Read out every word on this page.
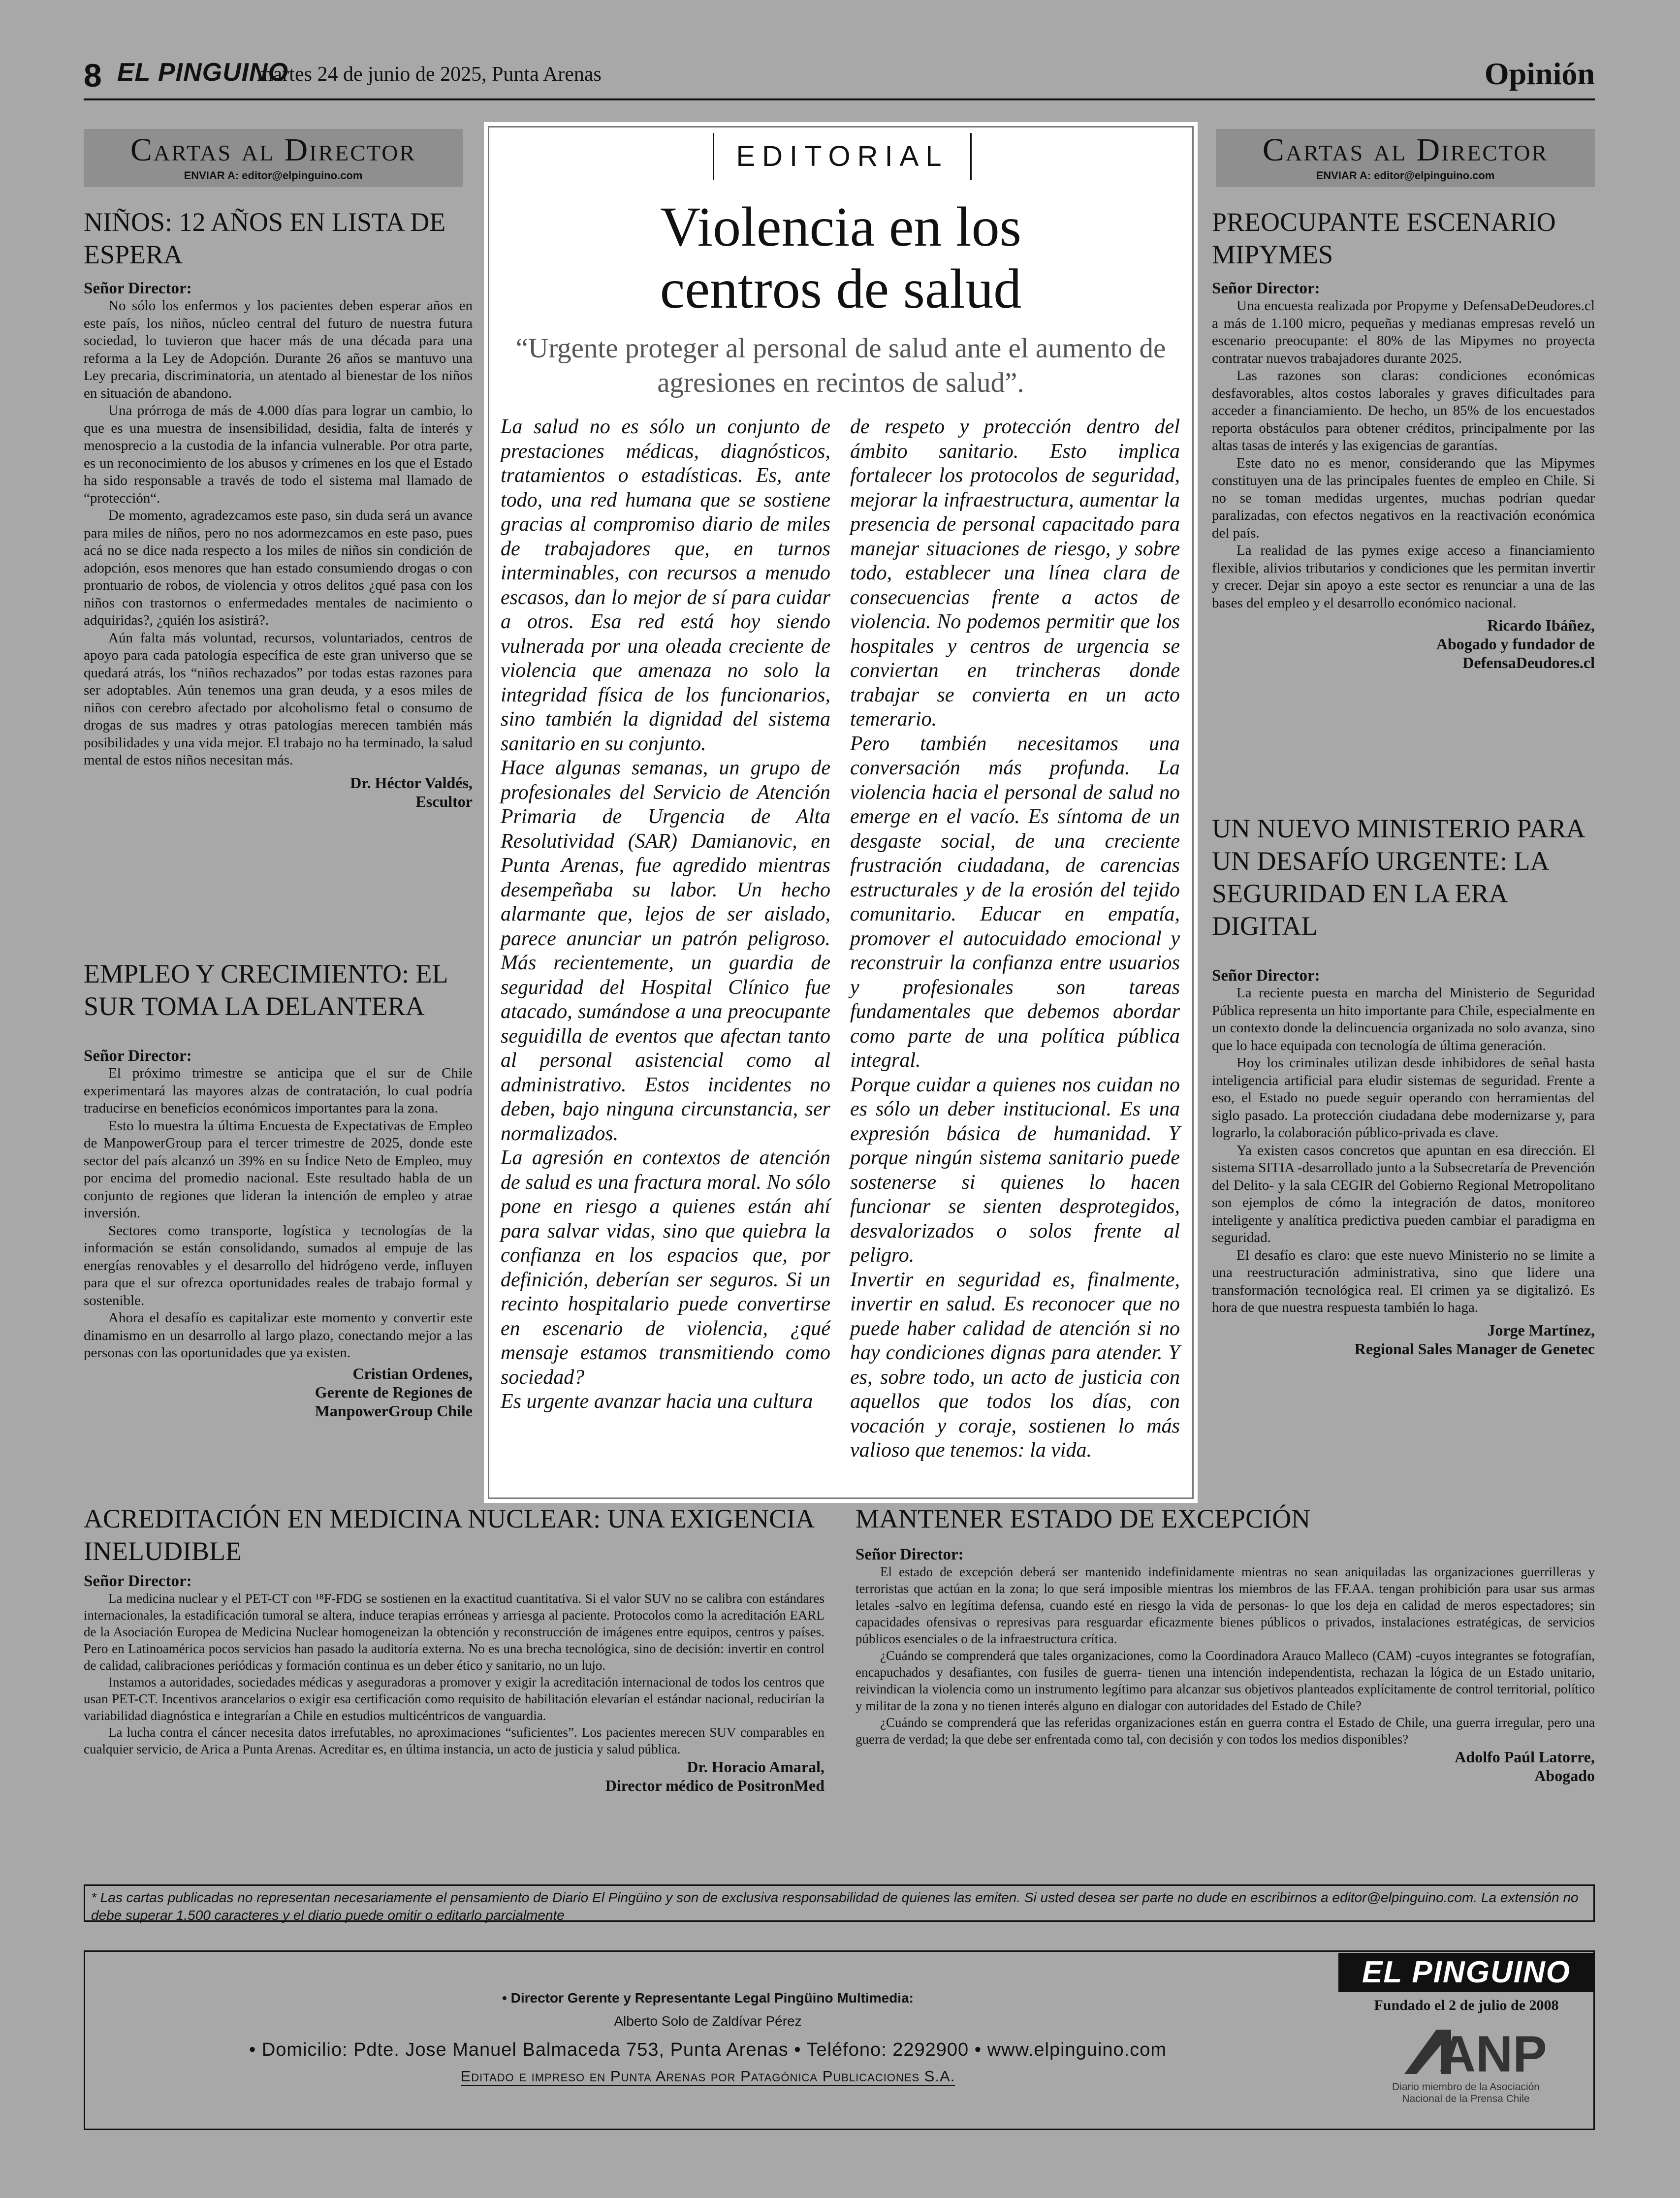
8 EL PINGUINO
martes 24 de junio de 2025, Punta Arenas	Opinión
Cartas al Director
ENVIAR A: editor@elpinguino.com
NIÑOS: 12 AÑOS EN LISTA DE ESPERA
Señor Director:

No sólo los enfermos y los pacientes deben esperar años en este país, los niños, núcleo central del futuro de nuestra futura sociedad, lo tuvieron que hacer más de una década para una reforma a la Ley de Adopción. Durante 26 años se mantuvo una Ley precaria, discriminatoria, un atentado al bienestar de los niños en situación de abandono.

Una prórroga de más de 4.000 días para lograr un cambio, lo que es una muestra de insensibilidad, desidia, falta de interés y menosprecio a la custodia de la infancia vulnerable. Por otra parte, es un reconocimiento de los abusos y crímenes en los que el Estado ha sido responsable a través de todo el sistema mal llamado de “protección“.

De momento, agradezcamos este paso, sin duda será un avance para miles de niños, pero no nos adormezcamos en este paso, pues acá no se dice nada respecto a los miles de niños sin condición de adopción, esos menores que han estado consumiendo drogas o con prontuario de robos, de violencia y otros delitos ¿qué pasa con los niños con trastornos o enfermedades mentales de nacimiento o adquiridas?, ¿quién los asistirá?.

Aún falta más voluntad, recursos, voluntariados, centros de apoyo para cada patología específica de este gran universo que se quedará atrás, los “niños rechazados” por todas estas razones para ser adoptables. Aún tenemos una gran deuda, y a esos miles de niños con cerebro afectado por alcoholismo fetal o consumo de drogas de sus madres y otras patologías merecen también más posibilidades y una vida mejor. El trabajo no ha terminado, la salud mental de estos niños necesitan más.

Dr. Héctor Valdés,
Escultor
EMPLEO Y CRECIMIENTO: EL SUR TOMA LA DELANTERA
Señor Director:

El próximo trimestre se anticipa que el sur de Chile experimentará las mayores alzas de contratación, lo cual podría traducirse en beneficios económicos importantes para la zona.

Esto lo muestra la última Encuesta de Expectativas de Empleo de ManpowerGroup para el tercer trimestre de 2025, donde este sector del país alcanzó un 39% en su Índice Neto de Empleo, muy por encima del promedio nacional. Este resultado habla de un conjunto de regiones que lideran la intención de empleo y atrae inversión.

Sectores como transporte, logística y tecnologías de la información se están consolidando, sumados al empuje de las energías renovables y el desarrollo del hidrógeno verde, influyen para que el sur ofrezca oportunidades reales de trabajo formal y sostenible.

Ahora el desafío es capitalizar este momento y convertir este dinamismo en un desarrollo al largo plazo, conectando mejor a las personas con las oportunidades que ya existen.

Cristian Ordenes,
Gerente de Regiones de
ManpowerGroup Chile
EDITORIAL
Violencia en los
centros de salud
“Urgente proteger al personal de salud ante el aumento de agresiones en recintos de salud”.

La salud no es sólo un conjunto de prestaciones médicas, diagnósticos, tratamientos o estadísticas. Es, ante todo, una red humana que se sostiene gracias al compromiso diario de miles de trabajadores que, en turnos interminables, con recursos a menudo escasos, dan lo mejor de sí para cuidar a otros. Esa red está hoy siendo vulnerada por una oleada creciente de violencia que amenaza no solo la integridad física de los funcionarios, sino también la dignidad del sistema sanitario en su conjunto.

Hace algunas semanas, un grupo de profesionales del Servicio de Atención Primaria de Urgencia de Alta Resolutividad (SAR) Damianovic, en Punta Arenas, fue agredido mientras desempeñaba su labor. Un hecho alarmante que, lejos de ser aislado, parece anunciar un patrón peligroso. Más recientemente, un guardia de seguridad del Hospital Clínico fue atacado, sumándose a una preocupante seguidilla de eventos que afectan tanto al personal asistencial como al administrativo. Estos incidentes no deben, bajo ninguna circunstancia, ser normalizados.

La agresión en contextos de atención de salud es una fractura moral. No sólo pone en riesgo a quienes están ahí para salvar vidas, sino que quiebra la confianza en los espacios que, por definición, deberían ser seguros. Si un recinto hospitalario puede convertirse en escenario de violencia, ¿qué mensaje estamos transmitiendo como sociedad?

Es urgente avanzar hacia una cultura

de respeto y protección dentro del ámbito sanitario. Esto implica fortalecer los protocolos de seguridad, mejorar la infraestructura, aumentar la presencia de personal capacitado para manejar situaciones de riesgo, y sobre todo, establecer una línea clara de consecuencias frente a actos de violencia. No podemos permitir que los hospitales y centros de urgencia se conviertan en trincheras donde trabajar se convierta en un acto temerario.

Pero también necesitamos una conversación más profunda. La violencia hacia el personal de salud no emerge en el vacío. Es síntoma de un desgaste social, de una creciente frustración ciudadana, de carencias estructurales y de la erosión del tejido comunitario. Educar en empatía, promover el autocuidado emocional y reconstruir la confianza entre usuarios y profesionales son tareas fundamentales que debemos abordar como parte de una política pública integral.

Porque cuidar a quienes nos cuidan no es sólo un deber institucional. Es una expresión básica de humanidad. Y porque ningún sistema sanitario puede sostenerse si quienes lo hacen funcionar se sienten desprotegidos, desvalorizados o solos frente al peligro.

Invertir en seguridad es, finalmente, invertir en salud. Es reconocer que no puede haber calidad de atención si no hay condiciones dignas para atender. Y es, sobre todo, un acto de justicia con aquellos que todos los días, con vocación y coraje, sostienen lo más valioso que tenemos: la vida.

Cartas al Director
ENVIAR A: editor@elpinguino.com
PREOCUPANTE ESCENARIO MIPYMES
Señor Director:

Una encuesta realizada por Propyme y DefensaDeDeudores.cl a más de 1.100 micro, pequeñas y medianas empresas reveló un escenario preocupante: el 80% de las Mipymes no proyecta contratar nuevos trabajadores durante 2025.

Las razones son claras: condiciones económicas desfavorables, altos costos laborales y graves dificultades para acceder a financiamiento. De hecho, un 85% de los encuestados reporta obstáculos para obtener créditos, principalmente por las altas tasas de interés y las exigencias de garantías.

Este dato no es menor, considerando que las Mipymes constituyen una de las principales fuentes de empleo en Chile. Si no se toman medidas urgentes, muchas podrían quedar paralizadas, con efectos negativos en la reactivación económica del país.

La realidad de las pymes exige acceso a financiamiento flexible, alivios tributarios y condiciones que les permitan invertir y crecer. Dejar sin apoyo a este sector es renunciar a una de las bases del empleo y el desarrollo económico nacional.

Ricardo Ibáñez,
Abogado y fundador de
DefensaDeudores.cl
UN NUEVO MINISTERIO PARA UN DESAFÍO URGENTE: LA SEGURIDAD EN LA ERA DIGITAL
Señor Director:

La reciente puesta en marcha del Ministerio de Seguridad Pública representa un hito importante para Chile, especialmente en un contexto donde la delincuencia organizada no solo avanza, sino que lo hace equipada con tecnología de última generación.

Hoy los criminales utilizan desde inhibidores de señal hasta inteligencia artificial para eludir sistemas de seguridad. Frente a eso, el Estado no puede seguir operando con herramientas del siglo pasado. La protección ciudadana debe modernizarse y, para lograrlo, la colaboración público-privada es clave.

Ya existen casos concretos que apuntan en esa dirección. El sistema SITIA -desarrollado junto a la Subsecretaría de Prevención del Delito- y la sala CEGIR del Gobierno Regional Metropolitano son ejemplos de cómo la integración de datos, monitoreo inteligente y analítica predictiva pueden cambiar el paradigma en seguridad.

El desafío es claro: que este nuevo Ministerio no se limite a una reestructuración administrativa, sino que lidere una transformación tecnológica real. El crimen ya se digitalizó. Es hora de que nuestra respuesta también lo haga.

Jorge Martínez,
Regional Sales Manager de Genetec
ACREDITACIÓN EN MEDICINA NUCLEAR: UNA EXIGENCIA INELUDIBLE
Señor Director:

La medicina nuclear y el PET-CT con ¹⁸F-FDG se sostienen en la exactitud cuantitativa. Si el valor SUV no se calibra con estándares internacionales, la estadificación tumoral se altera, induce terapias erróneas y arriesga al paciente. Protocolos como la acreditación EARL de la Asociación Europea de Medicina Nuclear homogeneizan la obtención y reconstrucción de imágenes entre equipos, centros y países. Pero en Latinoamérica pocos servicios han pasado la auditoría externa. No es una brecha tecnológica, sino de decisión: invertir en control de calidad, calibraciones periódicas y formación continua es un deber ético y sanitario, no un lujo.

Instamos a autoridades, sociedades médicas y aseguradoras a promover y exigir la acreditación internacional de todos los centros que usan PET-CT. Incentivos arancelarios o exigir esa certificación como requisito de habilitación elevarían el estándar nacional, reducirían la variabilidad diagnóstica e integrarían a Chile en estudios multicéntricos de vanguardia.

La lucha contra el cáncer necesita datos irrefutables, no aproximaciones “suficientes”. Los pacientes merecen SUV comparables en cualquier servicio, de Arica a Punta Arenas. Acreditar es, en última instancia, un acto de justicia y salud pública.

Dr. Horacio Amaral,
Director médico de PositronMed
MANTENER ESTADO DE EXCEPCIÓN
Señor Director:

El estado de excepción deberá ser mantenido indefinidamente mientras no sean aniquiladas las organizaciones guerrilleras y terroristas que actúan en la zona; lo que será imposible mientras los miembros de las FF.AA. tengan prohibición para usar sus armas letales -salvo en legítima defensa, cuando esté en riesgo la vida de personas- lo que los deja en calidad de meros espectadores; sin capacidades ofensivas o represivas para resguardar eficazmente bienes públicos o privados, instalaciones estratégicas, de servicios públicos esenciales o de la infraestructura crítica.

¿Cuándo se comprenderá que tales organizaciones, como la Coordinadora Arauco Malleco (CAM) -cuyos integrantes se fotografían, encapuchados y desafiantes, con fusiles de guerra- tienen una intención independentista, rechazan la lógica de un Estado unitario, reivindican la violencia como un instrumento legítimo para alcanzar sus objetivos planteados explícitamente de control territorial, político y militar de la zona y no tienen interés alguno en dialogar con autoridades del Estado de Chile?

¿Cuándo se comprenderá que las referidas organizaciones están en guerra contra el Estado de Chile, una guerra irregular, pero una guerra de verdad; la que debe ser enfrentada como tal, con decisión y con todos los medios disponibles?

Adolfo Paúl Latorre,
Abogado
* Las cartas publicadas no representan necesariamente el pensamiento de Diario El Pingüino y son de exclusiva responsabilidad de quienes las emiten. Si usted desea ser parte no dude en escribirnos a editor@elpinguino.com. La extensión no debe superar 1.500 caracteres y el diario puede omitir o editarlo parcialmente
• Director Gerente y Representante Legal Pingüino Multimedia:
Alberto Solo de Zaldívar Pérez
• Domicilio: Pdte. Jose Manuel Balmaceda 753, Punta Arenas • Teléfono: 2292900 • www.elpinguino.com
Editado e impreso en Punta Arenas por Patagónica Publicaciones S.A.
EL PINGUINO
Fundado el 2 de julio de 2008
ANP
Diario miembro de la Asociación
Nacional de la Prensa Chile
